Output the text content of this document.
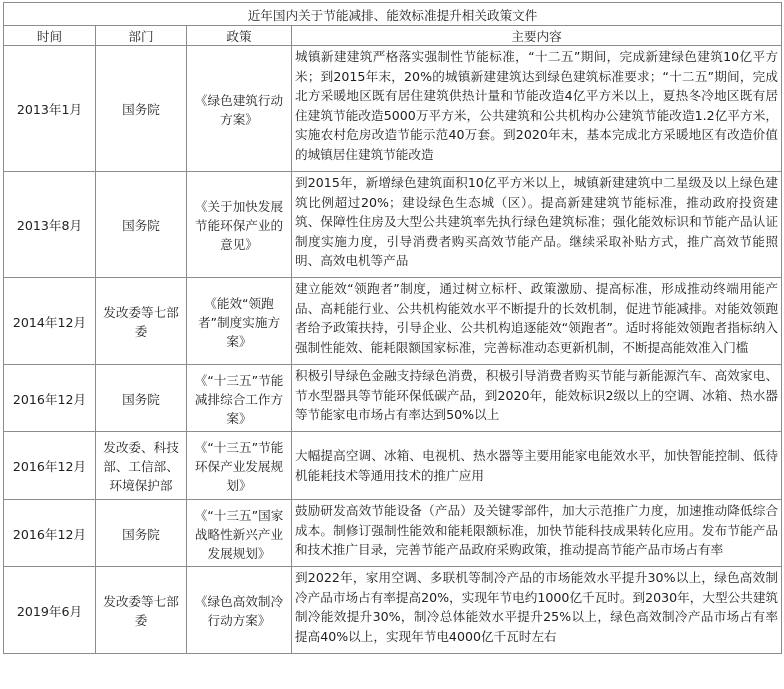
近年国内关于节能减排、能效标准提升相关政策文件			
时间	部门	政策	主要内容
2013年1月	国务院	《绿色建筑行动方案》	城镇新建建筑严格落实强制性节能标准，“十二五”期间，完成新建绿色建筑10亿平方米；到2015年末，20%的城镇新建建筑达到绿色建筑标准要求；“十二五”期间，完成北方采暖地区既有居住建筑供热计量和节能改造4亿平方米以上，夏热冬冷地区既有居住建筑节能改造5000万平方米，公共建筑和公共机构办公建筑节能改造1.2亿平方米，实施农村危房改造节能示范40万套。到2020年末，基本完成北方采暖地区有改造价值的城镇居住建筑节能改造
2013年8月	国务院	《关于加快发展节能环保产业的意见》	到2015年，新增绿色建筑面积10亿平方米以上，城镇新建建筑中二星级及以上绿色建筑比例超过20%；建设绿色生态城（区）。提高新建建筑节能标准，推动政府投资建筑、保障性住房及大型公共建筑率先执行绿色建筑标准；强化能效标识和节能产品认证制度实施力度，引导消费者购买高效节能产品。继续采取补贴方式，推广高效节能照明、高效电机等产品
2014年12月	发改委等七部委	《能效“领跑者”制度实施方案》	建立能效“领跑者”制度，通过树立标杆、政策激励、提高标准，形成推动终端用能产品、高耗能行业、公共机构能效水平不断提升的长效机制，促进节能减排。对能效领跑者给予政策扶持，引导企业、公共机构追逐能效“领跑者”。适时将能效领跑者指标纳入强制性能效、能耗限额国家标准，完善标准动态更新机制，不断提高能效准入门槛
2016年12月	国务院	《“十三五”节能减排综合工作方案》	积极引导绿色金融支持绿色消费，积极引导消费者购买节能与新能源汽车、高效家电、节水型器具等节能环保低碳产品，到2020年，能效标识2级以上的空调、冰箱、热水器等节能家电市场占有率达到50%以上
2016年12月	发改委、科技部、工信部、环境保护部	《“十三五”节能环保产业发展规划》	大幅提高空调、冰箱、电视机、热水器等主要用能家电能效水平，加快智能控制、低待机能耗技术等通用技术的推广应用
2016年12月	国务院	《“十三五”国家战略性新兴产业发展规划》	鼓励研发高效节能设备（产品）及关键零部件，加大示范推广力度，加速推动降低综合成本。制修订强制性能效和能耗限额标准，加快节能科技成果转化应用。发布节能产品和技术推广目录，完善节能产品政府采购政策，推动提高节能产品市场占有率
2019年6月	发改委等七部委	《绿色高效制冷行动方案》	到2022年，家用空调、多联机等制冷产品的市场能效水平提升30%以上，绿色高效制冷产品市场占有率提高20%，实现年节电约1000亿千瓦时。到2030年，大型公共建筑制冷能效提升30%，制冷总体能效水平提升25%以上，绿色高效制冷产品市场占有率提高40%以上，实现年节电4000亿千瓦时左右
